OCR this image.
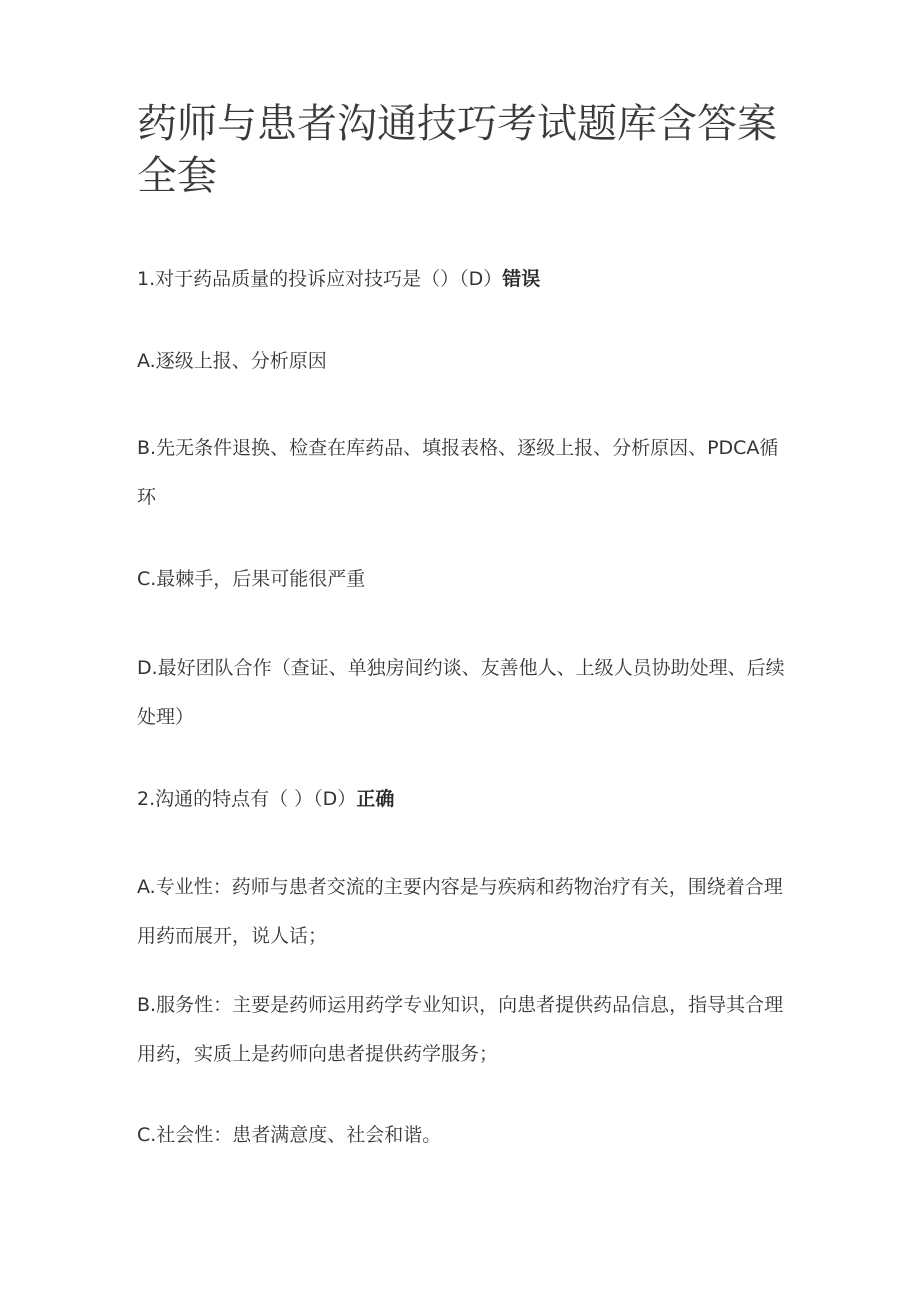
药师与患者沟通技巧考试题库含答案全套

1.对于药品质量的投诉应对技巧是（）（D）错误

A.逐级上报、分析原因

B.先无条件退换、检查在库药品、填报表格、逐级上报、分析原因、PDCA循环

C.最棘手，后果可能很严重

D.最好团队合作（查证、单独房间约谈、友善他人、上级人员协助处理、后续处理）

2.沟通的特点有（ ）（D）正确

A.专业性：药师与患者交流的主要内容是与疾病和药物治疗有关，围绕着合理用药而展开，说人话；

B.服务性：主要是药师运用药学专业知识，向患者提供药品信息，指导其合理用药，实质上是药师向患者提供药学服务；

C.社会性：患者满意度、社会和谐。
